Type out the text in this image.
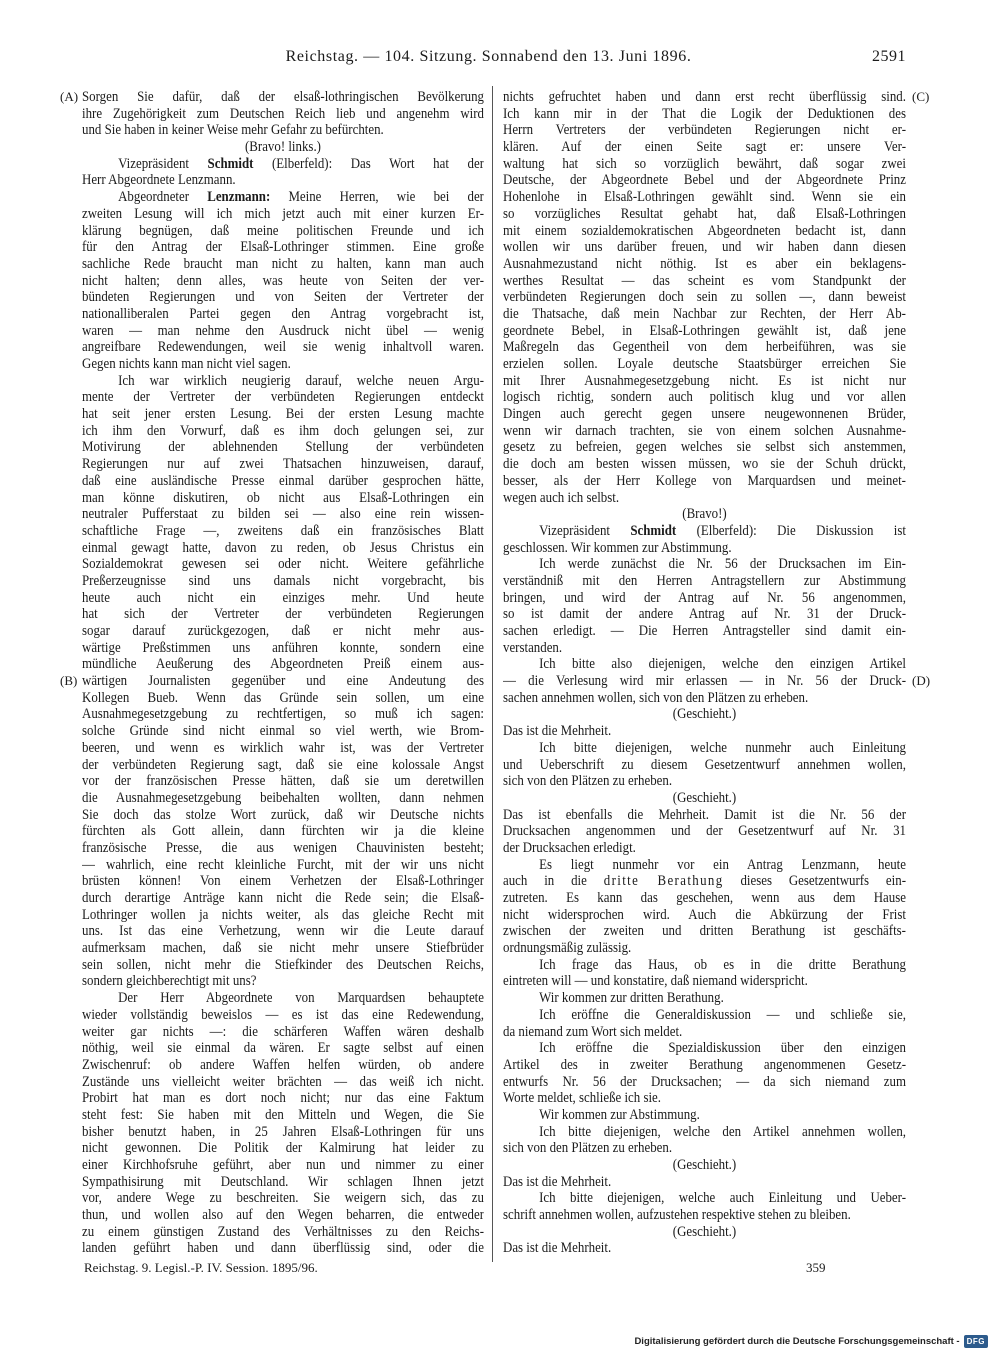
Reichstag. — 104. Sitzung. Sonnabend den 13. Juni 1896.	2591
(A)
(B)
(C)
(D)
Sorgen Sie dafür, daß der elsaß-lothringischen Bevölkerung
ihre Zugehörigkeit zum Deutschen Reich lieb und angenehm wird
und Sie haben in keiner Weise mehr Gefahr zu befürchten.
(Bravo! links.)
Vizepräsident Schmidt (Elberfeld): Das Wort hat der
Herr Abgeordnete Lenzmann.
Abgeordneter Lenzmann: Meine Herren, wie bei der
zweiten Lesung will ich mich jetzt auch mit einer kurzen Er-
klärung begnügen, daß meine politischen Freunde und ich
für den Antrag der Elsaß-Lothringer stimmen. Eine große
sachliche Rede braucht man nicht zu halten, kann man auch
nicht halten; denn alles, was heute von Seiten der ver-
bündeten Regierungen und von Seiten der Vertreter der
nationalliberalen Partei gegen den Antrag vorgebracht ist,
waren — man nehme den Ausdruck nicht übel — wenig
angreifbare Redewendungen, weil sie wenig inhaltvoll waren.
Gegen nichts kann man nicht viel sagen.
Ich war wirklich neugierig darauf, welche neuen Argu-
mente der Vertreter der verbündeten Regierungen entdeckt
hat seit jener ersten Lesung. Bei der ersten Lesung machte
ich ihm den Vorwurf, daß es ihm doch gelungen sei, zur
Motivirung der ablehnenden Stellung der verbündeten
Regierungen nur auf zwei Thatsachen hinzuweisen, darauf,
daß eine ausländische Presse einmal darüber gesprochen hätte,
man könne diskutiren, ob nicht aus Elsaß-Lothringen ein
neutraler Pufferstaat zu bilden sei — also eine rein wissen-
schaftliche Frage —, zweitens daß ein französisches Blatt
einmal gewagt hatte, davon zu reden, ob Jesus Christus ein
Sozialdemokrat gewesen sei oder nicht. Weitere gefährliche
Preßerzeugnisse sind uns damals nicht vorgebracht, bis
heute auch nicht ein einziges mehr. Und heute
hat sich der Vertreter der verbündeten Regierungen
sogar darauf zurückgezogen, daß er nicht mehr aus-
wärtige Preßstimmen uns anführen konnte, sondern eine
mündliche Aeußerung des Abgeordneten Preiß einem aus-
wärtigen Journalisten gegenüber und eine Andeutung des
Kollegen Bueb. Wenn das Gründe sein sollen, um eine
Ausnahmegesetzgebung zu rechtfertigen, so muß ich sagen:
solche Gründe sind nicht einmal so viel werth, wie Brom-
beeren, und wenn es wirklich wahr ist, was der Vertreter
der verbündeten Regierung sagt, daß sie eine kolossale Angst
vor der französischen Presse hätten, daß sie um deretwillen
die Ausnahmegesetzgebung beibehalten wollten, dann nehmen
Sie doch das stolze Wort zurück, daß wir Deutsche nichts
fürchten als Gott allein, dann fürchten wir ja die kleine
französische Presse, die aus wenigen Chauvinisten besteht;
— wahrlich, eine recht kleinliche Furcht, mit der wir uns nicht
brüsten können! Von einem Verhetzen der Elsaß-Lothringer
durch derartige Anträge kann nicht die Rede sein; die Elsaß-
Lothringer wollen ja nichts weiter, als das gleiche Recht mit
uns. Ist das eine Verhetzung, wenn wir die Leute darauf
aufmerksam machen, daß sie nicht mehr unsere Stiefbrüder
sein sollen, nicht mehr die Stiefkinder des Deutschen Reichs,
sondern gleichberechtigt mit uns?
Der Herr Abgeordnete von Marquardsen behauptete
wieder vollständig beweislos — es ist das eine Redewendung,
weiter gar nichts —: die schärferen Waffen wären deshalb
nöthig, weil sie einmal da wären. Er sagte selbst auf einen
Zwischenruf: ob andere Waffen helfen würden, ob andere
Zustände uns vielleicht weiter brächten — das weiß ich nicht.
Probirt hat man es dort noch nicht; nur das eine Faktum
steht fest: Sie haben mit den Mitteln und Wegen, die Sie
bisher benutzt haben, in 25 Jahren Elsaß-Lothringen für uns
nicht gewonnen. Die Politik der Kalmirung hat leider zu
einer Kirchhofsruhe geführt, aber nun und nimmer zu einer
Sympathisirung mit Deutschland. Wir schlagen Ihnen jetzt
vor, andere Wege zu beschreiten. Sie weigern sich, das zu
thun, und wollen also auf den Wegen beharren, die entweder
zu einem günstigen Zustand des Verhältnisses zu den Reichs-
landen geführt haben und dann überflüssig sind, oder die
nichts gefruchtet haben und dann erst recht überflüssig sind.
Ich kann mir in der That die Logik der Deduktionen des
Herrn Vertreters der verbündeten Regierungen nicht er-
klären. Auf der einen Seite sagt er: unsere Ver-
waltung hat sich so vorzüglich bewährt, daß sogar zwei
Deutsche, der Abgeordnete Bebel und der Abgeordnete Prinz
Hohenlohe in Elsaß-Lothringen gewählt sind. Wenn sie ein
so vorzügliches Resultat gehabt hat, daß Elsaß-Lothringen
mit einem sozialdemokratischen Abgeordneten bedacht ist, dann
wollen wir uns darüber freuen, und wir haben dann diesen
Ausnahmezustand nicht nöthig. Ist es aber ein beklagens-
werthes Resultat — das scheint es vom Standpunkt der
verbündeten Regierungen doch sein zu sollen —, dann beweist
die Thatsache, daß mein Nachbar zur Rechten, der Herr Ab-
geordnete Bebel, in Elsaß-Lothringen gewählt ist, daß jene
Maßregeln das Gegentheil von dem herbeiführen, was sie
erzielen sollen. Loyale deutsche Staatsbürger erreichen Sie
mit Ihrer Ausnahmegesetzgebung nicht. Es ist nicht nur
logisch richtig, sondern auch politisch klug und vor allen
Dingen auch gerecht gegen unsere neugewonnenen Brüder,
wenn wir darnach trachten, sie von einem solchen Ausnahme-
gesetz zu befreien, gegen welches sie selbst sich anstemmen,
die doch am besten wissen müssen, wo sie der Schuh drückt,
besser, als der Herr Kollege von Marquardsen und meinet-
wegen auch ich selbst.
(Bravo!)
Vizepräsident Schmidt (Elberfeld): Die Diskussion ist
geschlossen. Wir kommen zur Abstimmung.
Ich werde zunächst die Nr. 56 der Drucksachen im Ein-
verständniß mit den Herren Antragstellern zur Abstimmung
bringen, und wird der Antrag auf Nr. 56 angenommen,
so ist damit der andere Antrag auf Nr. 31 der Druck-
sachen erledigt. — Die Herren Antragsteller sind damit ein-
verstanden.
Ich bitte also diejenigen, welche den einzigen Artikel
— die Verlesung wird mir erlassen — in Nr. 56 der Druck-
sachen annehmen wollen, sich von den Plätzen zu erheben.
(Geschieht.)
Das ist die Mehrheit.
Ich bitte diejenigen, welche nunmehr auch Einleitung
und Ueberschrift zu diesem Gesetzentwurf annehmen wollen,
sich von den Plätzen zu erheben.
(Geschieht.)
Das ist ebenfalls die Mehrheit. Damit ist die Nr. 56 der
Drucksachen angenommen und der Gesetzentwurf auf Nr. 31
der Drucksachen erledigt.
Es liegt nunmehr vor ein Antrag Lenzmann, heute
auch in die dritte Berathung dieses Gesetzentwurfs ein-
zutreten. Es kann das geschehen, wenn aus dem Hause
nicht widersprochen wird. Auch die Abkürzung der Frist
zwischen der zweiten und dritten Berathung ist geschäfts-
ordnungsmäßig zulässig.
Ich frage das Haus, ob es in die dritte Berathung
eintreten will — und konstatire, daß niemand widerspricht.
Wir kommen zur dritten Berathung.
Ich eröffne die Generaldiskussion — und schließe sie,
da niemand zum Wort sich meldet.
Ich eröffne die Spezialdiskussion über den einzigen
Artikel des in zweiter Berathung angenommenen Gesetz-
entwurfs Nr. 56 der Drucksachen; — da sich niemand zum
Worte meldet, schließe ich sie.
Wir kommen zur Abstimmung.
Ich bitte diejenigen, welche den Artikel annehmen wollen,
sich von den Plätzen zu erheben.
(Geschieht.)
Das ist die Mehrheit.
Ich bitte diejenigen, welche auch Einleitung und Ueber-
schrift annehmen wollen, aufzustehen respektive stehen zu bleiben.
(Geschieht.)
Das ist die Mehrheit.
Reichstag. 9. Legisl.-P. IV. Session. 1895/96.	359
Digitalisierung gefördert durch die Deutsche Forschungsgemeinschaft - DFG
